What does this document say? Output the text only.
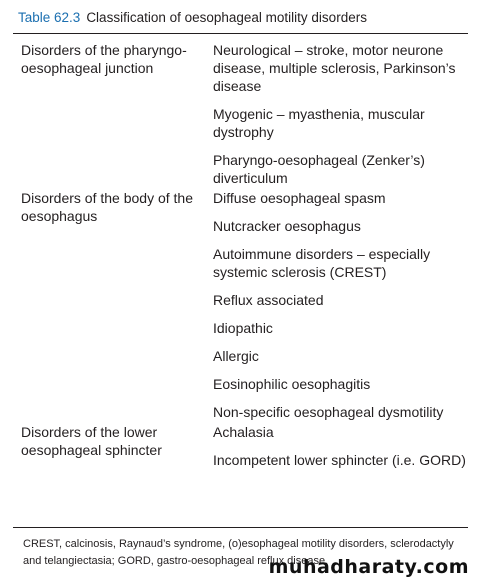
Table 62.3 Classification of oesophageal motility disorders
Disorders of the pharyngo-oesophageal junction
Neurological – stroke, motor neurone disease, multiple sclerosis, Parkinson’s disease
Myogenic – myasthenia, muscular dystrophy
Pharyngo-oesophageal (Zenker’s) diverticulum
Disorders of the body of the oesophagus
Diffuse oesophageal spasm
Nutcracker oesophagus
Autoimmune disorders – especially systemic sclerosis (CREST)
Reflux associated
Idiopathic
Allergic
Eosinophilic oesophagitis
Non-specific oesophageal dysmotility
Disorders of the lower oesophageal sphincter
Achalasia
Incompetent lower sphincter (i.e. GORD)
CREST, calcinosis, Raynaud’s syndrome, (o)esophageal motility disorders, sclerodactyly and telangiectasia; GORD, gastro-oesophageal reflux disease.
muhadharaty.com
